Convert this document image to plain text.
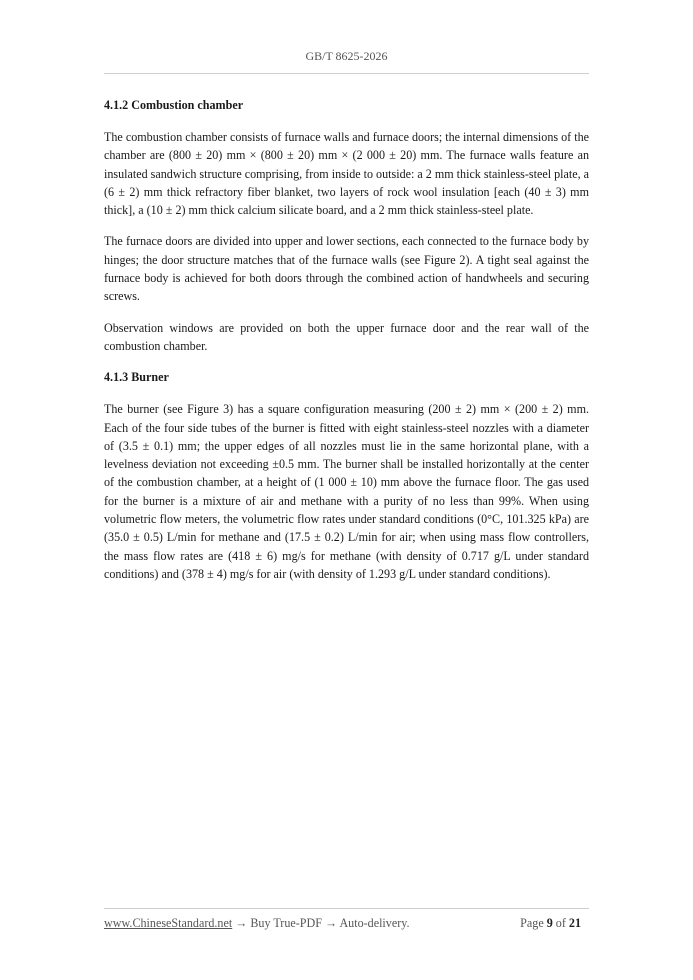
GB/T 8625-2026
4.1.2 Combustion chamber

The combustion chamber consists of furnace walls and furnace doors; the internal dimensions of the chamber are (800 ± 20) mm × (800 ± 20) mm × (2 000 ± 20) mm. The furnace walls feature an insulated sandwich structure comprising, from inside to outside: a 2 mm thick stainless-steel plate, a (6 ± 2) mm thick refractory fiber blanket, two layers of rock wool insulation [each (40 ± 3) mm thick], a (10 ± 2) mm thick calcium silicate board, and a 2 mm thick stainless-steel plate.

The furnace doors are divided into upper and lower sections, each connected to the furnace body by hinges; the door structure matches that of the furnace walls (see Figure 2). A tight seal against the furnace body is achieved for both doors through the combined action of handwheels and securing screws.

Observation windows are provided on both the upper furnace door and the rear wall of the combustion chamber.

4.1.3 Burner

The burner (see Figure 3) has a square configuration measuring (200 ± 2) mm × (200 ± 2) mm. Each of the four side tubes of the burner is fitted with eight stainless-steel nozzles with a diameter of (3.5 ± 0.1) mm; the upper edges of all nozzles must lie in the same horizontal plane, with a levelness deviation not exceeding ±0.5 mm. The burner shall be installed horizontally at the center of the combustion chamber, at a height of (1 000 ± 10) mm above the furnace floor. The gas used for the burner is a mixture of air and methane with a purity of no less than 99%. When using volumetric flow meters, the volumetric flow rates under standard conditions (0°C, 101.325 kPa) are (35.0 ± 0.5) L/min for methane and (17.5 ± 0.2) L/min for air; when using mass flow controllers, the mass flow rates are (418 ± 6) mg/s for methane (with density of 0.717 g/L under standard conditions) and (378 ± 4) mg/s for air (with density of 1.293 g/L under standard conditions).

www.ChineseStandard.net → Buy True-PDF → Auto-delivery.	Page 9 of 21
